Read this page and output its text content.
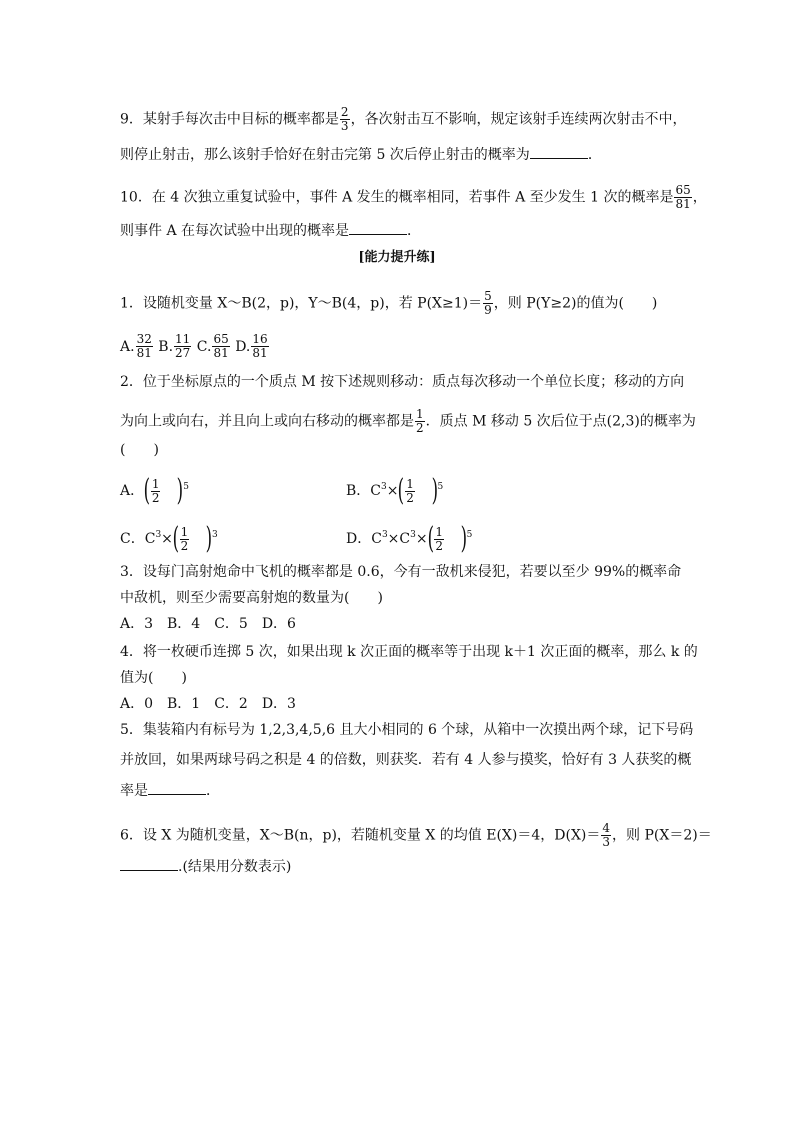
9．某射手每次击中目标的概率都是 $\frac{2}{3}$ ，各次射击互不影响，规定该射手连续两次射击不中，
则停止射击，那么该射手恰好在射击完第 5 次后停止射击的概率为	．
10．在 4 次独立重复试验中，事件 A 发生的概率相同，若事件 A 至少发生 1 次的概率是 $\frac{65}{81}$ ，
则事件 A 在每次试验中出现的概率是	．
[能力提升练]
1．设随机变量 X～B(2，p)，Y～B(4，p)，若 $P(X\ge 1)= \frac{5}{9}$ ，则 P(Y≥2)的值为(　　)
A. $\frac{32}{81} B$. $\frac{11}{27} C$. $\frac{65}{81} D$. $\frac{16}{81}$
2．位于坐标原点的一个质点 M 按下述规则移动：质点每次移动一个单位长度；移动的方向
为向上或向右，并且向上或向右移动的概率都是 $\frac{1}{2}$ ．质点 M 移动 5 次后位于点(2,3)的概率为
(　　)
A．( $\frac{1}{2} )^5$	B．$C^3\times( \frac{1}{2} )^5$
C．$C^3\times( \frac{1}{2} )^3$	D．$C^3\times C^3\times( \frac{1}{2} )^5$
3．设每门高射炮命中飞机的概率都是 0.6，今有一敌机来侵犯，若要以至少 99%的概率命
中敌机，则至少需要高射炮的数量为(　　)
A．3　B．4　C．5　D．6
4．将一枚硬币连掷 5 次，如果出现 k 次正面的概率等于出现 k＋1 次正面的概率，那么 k 的
值为(　　)
A．0　B．1　C．2　D．3
5．集装箱内有标号为 1,2,3,4,5,6 且大小相同的 6 个球，从箱中一次摸出两个球，记下号码
并放回，如果两球号码之积是 4 的倍数，则获奖．若有 4 人参与摸奖，恰好有 3 人获奖的概
率是	．
6．设 X 为随机变量，X～B(n，p)，若随机变量 X 的均值 E(X)＝4，$D(X)= \frac{4}{3}$ ，则 P(X＝2)＝
.(结果用分数表示)
